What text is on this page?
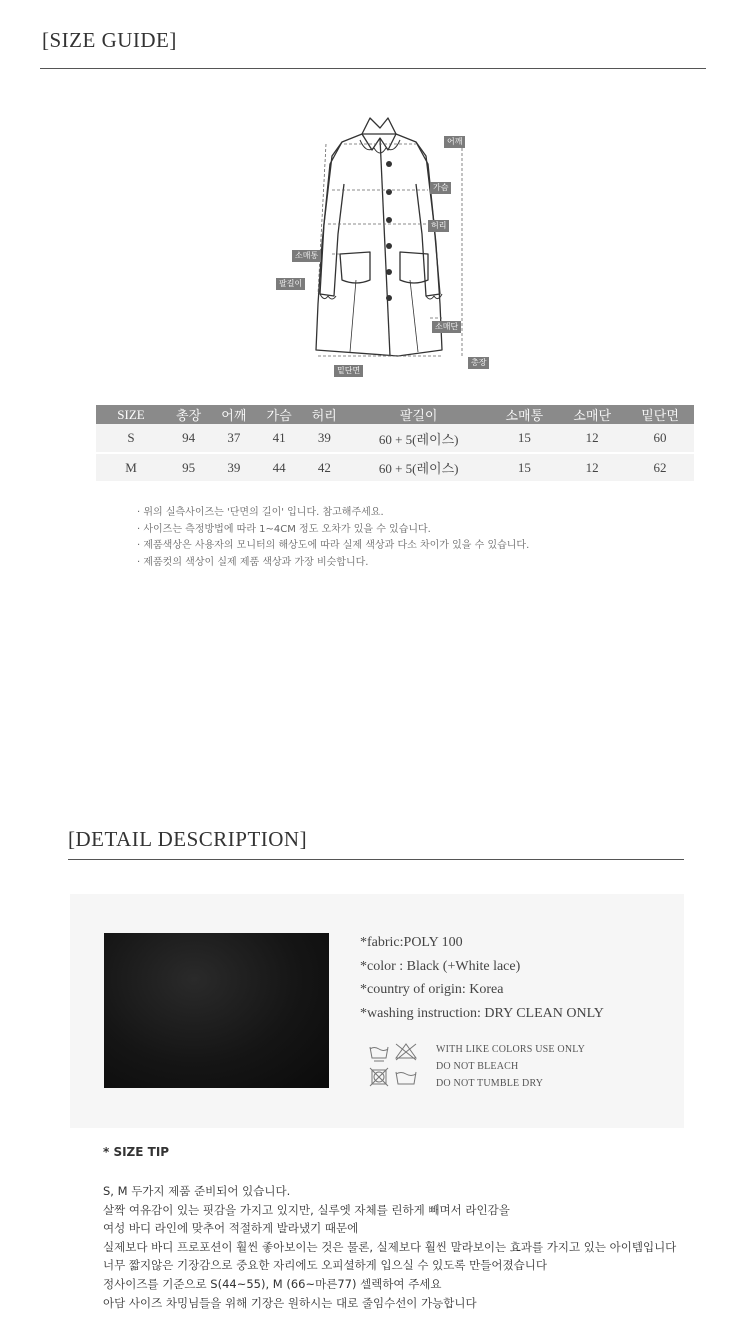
[SIZE GUIDE]
어깨
가슴
허리
소매통
팔길이
소매단
밑단면
총장
SIZE	총장	어깨	가슴	허리	팔길이	소매통	소매단	밑단면
S	94	37	41	39	60 + 5(레이스)	15	12	60
M	95	39	44	42	60 + 5(레이스)	15	12	62
· 위의 실측사이즈는 '단면의 길이' 입니다. 참고해주세요.
· 사이즈는 측정방법에 따라 1~4CM 정도 오차가 있을 수 있습니다.
· 제품색상은 사용자의 모니터의 해상도에 따라 실제 색상과 다소 차이가 있을 수 있습니다.
· 제품컷의 색상이 실제 제품 색상과 가장 비슷합니다.
[DETAIL DESCRIPTION]
*fabric:POLY 100
*color : Black (+White lace)
*country of origin: Korea
*washing instruction: DRY CLEAN ONLY
WITH LIKE COLORS USE ONLY
DO NOT BLEACH
DO NOT TUMBLE DRY
* SIZE TIP
S, M 두가지 제품 준비되어 있습니다.
살짝 여유감이 있는 핏감을 가지고 있지만, 실루엣 자체를 린하게 빼며서 라인감을
여성 바디 라인에 맞추어 적절하게 발라냈기 때문에
실제보다 바디 프로포션이 훨씬 좋아보이는 것은 물론, 실제보다 훨씬 말라보이는 효과를 가지고 있는 아이템입니다
너무 짧지않은 기장감으로 중요한 자리에도 오피셜하게 입으실 수 있도록 만들어졌습니다
정사이즈를 기준으로 S(44~55), M (66~마른77) 셀렉하여 주세요
아담 사이즈 차밍님들을 위해 기장은 원하시는 대로 줄임수선이 가능합니다
